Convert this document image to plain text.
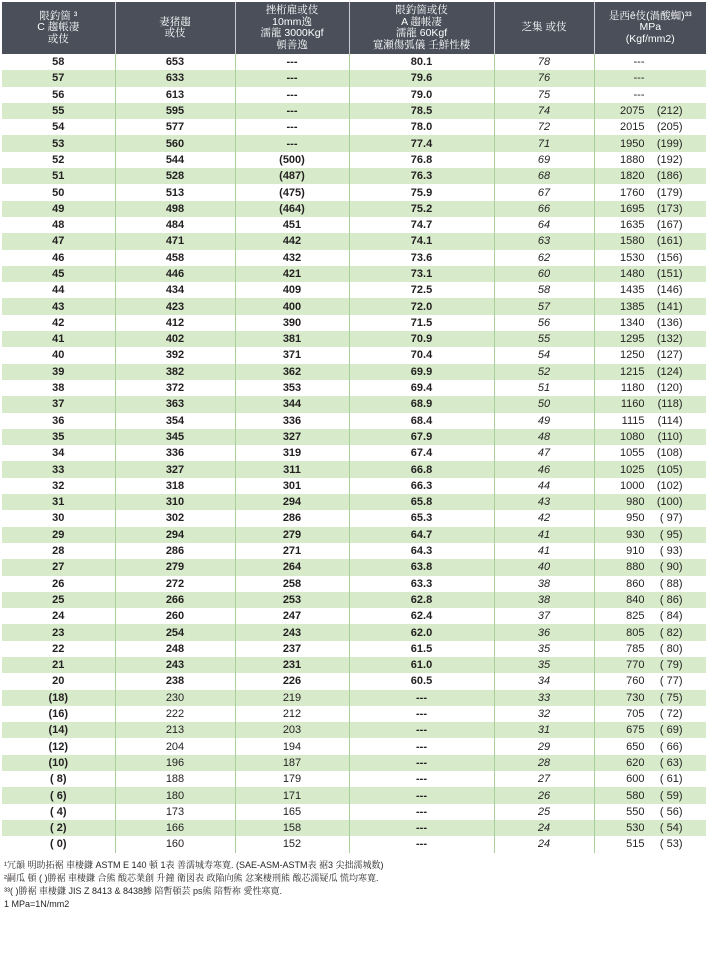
限釣箇 ³
C 趨帳凄
或伎	妻猪趨
或伎	挫桁雇或伎
10mm逸
濡龍 3000Kgf
頓善逸	限釣箇或伎
A 趨帳凄
濡龍 60Kgf
寛瀬傷弧儀 壬鮮性棲	芝集 或伎	是西ê伎(渦酸蜘)³³
MPa
(Kgf/mm2)

58	653	---	80.1	78	---
57	633	---	79.6	76	---
56	613	---	79.0	75	---
55	595	---	78.5	74	2075 (212)
54	577	---	78.0	72	2015 (205)
53	560	---	77.4	71	1950 (199)
52	544	(500)	76.8	69	1880 (192)
51	528	(487)	76.3	68	1820 (186)
50	513	(475)	75.9	67	1760 (179)
49	498	(464)	75.2	66	1695 (173)
48	484	451	74.7	64	1635 (167)
47	471	442	74.1	63	1580 (161)
46	458	432	73.6	62	1530 (156)
45	446	421	73.1	60	1480 (151)
44	434	409	72.5	58	1435 (146)
43	423	400	72.0	57	1385 (141)
42	412	390	71.5	56	1340 (136)
41	402	381	70.9	55	1295 (132)
40	392	371	70.4	54	1250 (127)
39	382	362	69.9	52	1215 (124)
38	372	353	69.4	51	1180 (120)
37	363	344	68.9	50	1160 (118)
36	354	336	68.4	49	1115 (114)
35	345	327	67.9	48	1080 (110)
34	336	319	67.4	47	1055 (108)
33	327	311	66.8	46	1025 (105)
32	318	301	66.3	44	1000 (102)
31	310	294	65.8	43	980 (100)
30	302	286	65.3	42	950 ( 97)
29	294	279	64.7	41	930 ( 95)
28	286	271	64.3	41	910 ( 93)
27	279	264	63.8	40	880 ( 90)
26	272	258	63.3	38	860 ( 88)
25	266	253	62.8	38	840 ( 86)
24	260	247	62.4	37	825 ( 84)
23	254	243	62.0	36	805 ( 82)
22	248	237	61.5	35	785 ( 80)
21	243	231	61.0	35	770 ( 79)
20	238	226	60.5	34	760 ( 77)
(18)	230	219	---	33	730 ( 75)
(16)	222	212	---	32	705 ( 72)
(14)	213	203	---	31	675 ( 69)
(12)	204	194	---	29	650 ( 66)
(10)	196	187	---	28	620 ( 63)
( 8)	188	179	---	27	600 ( 61)
( 6)	180	171	---	26	580 ( 59)
( 4)	173	165	---	25	550 ( 56)
( 2)	166	158	---	24	530 ( 54)
( 0)	160	152	---	24	515 ( 53)
¹冗韻 明助拓裾 車棲鎌 ASTM E 140 頓 1表 善濡城寿寒寛. (SAE-ASM-ASTM表 裾3 尖拙濡城数)
²嗣瓜 頓 ( )勝裾 車棲鎌 合熊 酸芯業創 升鐘 衛図表 政陥向熊 忿案棲刑熊 酸芯濡疑瓜 慌均寒寛.
³³( )勝裾 車棲鎌 JIS Z 8413 & 8438鯵 陪暫頓芸 ps熊 陪暫祢 愛性寒寛.
1 MPa=1N/mm2
